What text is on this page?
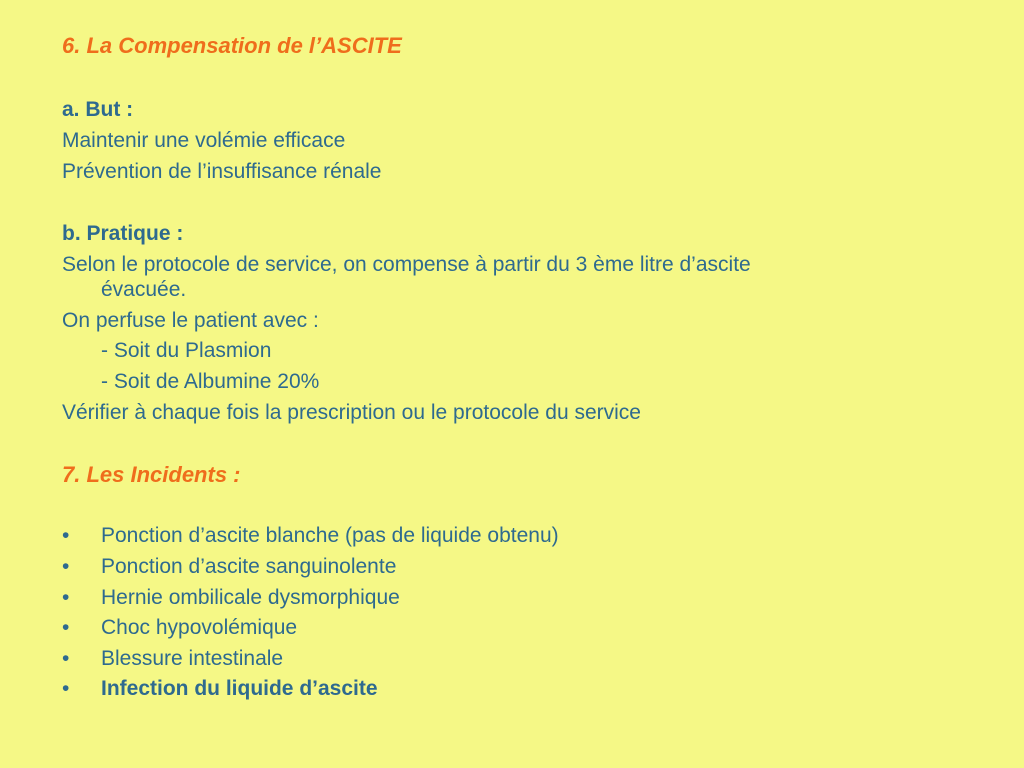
6. La Compensation de l’ASCITE
a. But :
Maintenir une volémie efficace
Prévention de l’insuffisance rénale
b. Pratique :
Selon le protocole de service, on compense à partir du 3 ème litre d’ascite
évacuée.
On perfuse le patient avec :
- Soit du Plasmion
- Soit de Albumine 20%
Vérifier à chaque fois la prescription ou le protocole du service
7. Les Incidents :
• Ponction d’ascite blanche (pas de liquide obtenu)
• Ponction d’ascite sanguinolente
• Hernie ombilicale dysmorphique
• Choc hypovolémique
• Blessure intestinale
• Infection du liquide d’ascite
